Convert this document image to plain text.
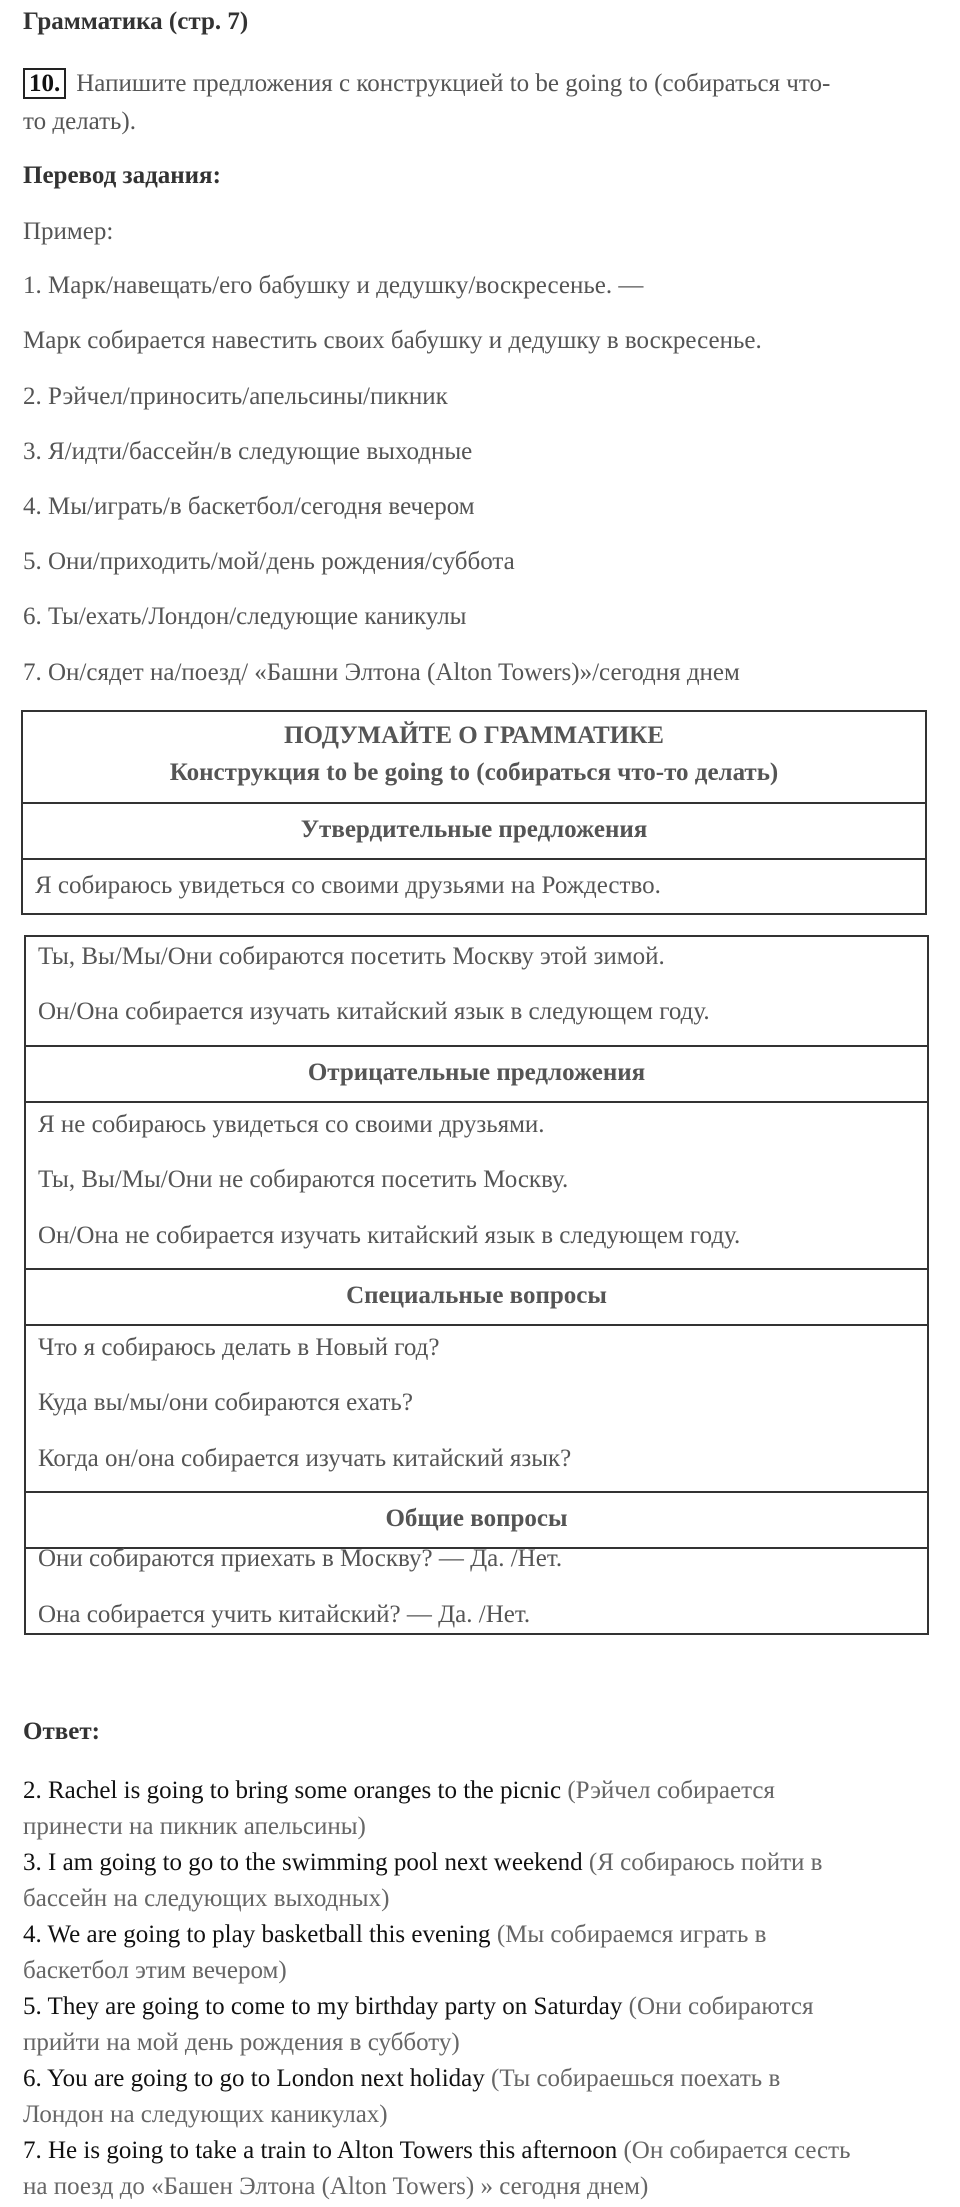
Грамматика (стр. 7)
10. Напишите предложения с конструкцией to be going to (собираться что-
то делать).
Перевод задания:
Пример:
1. Марк/навещать/его бабушку и дедушку/воскресенье. —
Марк собирается навестить своих бабушку и дедушку в воскресенье.
2. Рэйчел/приносить/апельсины/пикник
3. Я/идти/бассейн/в следующие выходные
4. Мы/играть/в баскетбол/сегодня вечером
5. Они/приходить/мой/день рождения/суббота
6. Ты/ехать/Лондон/следующие каникулы
7. Он/сядет на/поезд/ «Башни Элтона (Alton Towers)»/сегодня днем
ПОДУМАЙТЕ О ГРАММАТИКЕ
Конструкция to be going to (собираться что-то делать)
Утвердительные предложения
Я собираюсь увидеться со своими друзьями на Рождество.
Ты, Вы/Мы/Они собираются посетить Москву этой зимой.
Он/Она собирается изучать китайский язык в следующем году.
Отрицательные предложения
Я не собираюсь увидеться со своими друзьями.
Ты, Вы/Мы/Они не собираются посетить Москву.
Он/Она не собирается изучать китайский язык в следующем году.
Специальные вопросы
Что я собираюсь делать в Новый год?
Куда вы/мы/они собираются ехать?
Когда он/она собирается изучать китайский язык?
Общие вопросы
Они собираются приехать в Москву? — Да. /Нет.
Она собирается учить китайский? — Да. /Нет.
Ответ:
2. Rachel is going to bring some oranges to the picnic (Рэйчел собирается
принести на пикник апельсины)
3. I am going to go to the swimming pool next weekend (Я собираюсь пойти в
бассейн на следующих выходных)
4. We are going to play basketball this evening (Мы собираемся играть в
баскетбол этим вечером)
5. They are going to come to my birthday party on Saturday (Они собираются
прийти на мой день рождения в субботу)
6. You are going to go to London next holiday (Ты собираешься поехать в
Лондон на следующих каникулах)
7. He is going to take a train to Alton Towers this afternoon (Он собирается сесть
на поезд до «Башен Элтона (Alton Towers) » сегодня днем)
